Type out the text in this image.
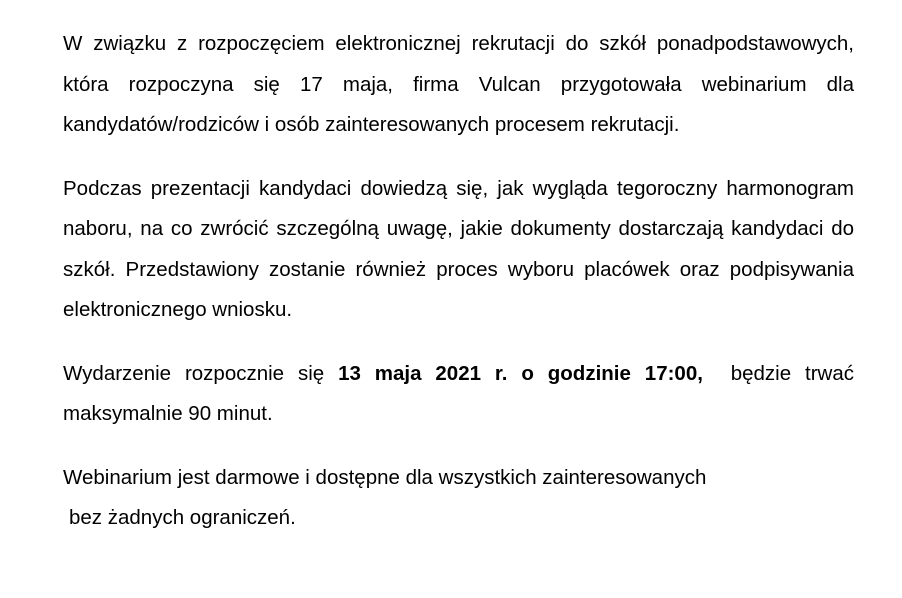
W związku z rozpoczęciem elektronicznej rekrutacji do szkół ponadpodstawowych, która rozpoczyna się 17 maja, firma Vulcan przygotowała webinarium dla kandydatów/rodziców i osób zainteresowanych procesem rekrutacji.

Podczas prezentacji kandydaci dowiedzą się, jak wygląda tegoroczny harmonogram naboru, na co zwrócić szczególną uwagę, jakie dokumenty dostarczają kandydaci do szkół. Przedstawiony zostanie również proces wyboru placówek oraz podpisywania elektronicznego wniosku.

Wydarzenie rozpocznie się 13 maja 2021 r. o godzinie 17:00,  będzie trwać maksymalnie 90 minut.

Webinarium jest darmowe i dostępne dla wszystkich zainteresowanych
bez żadnych ograniczeń.
